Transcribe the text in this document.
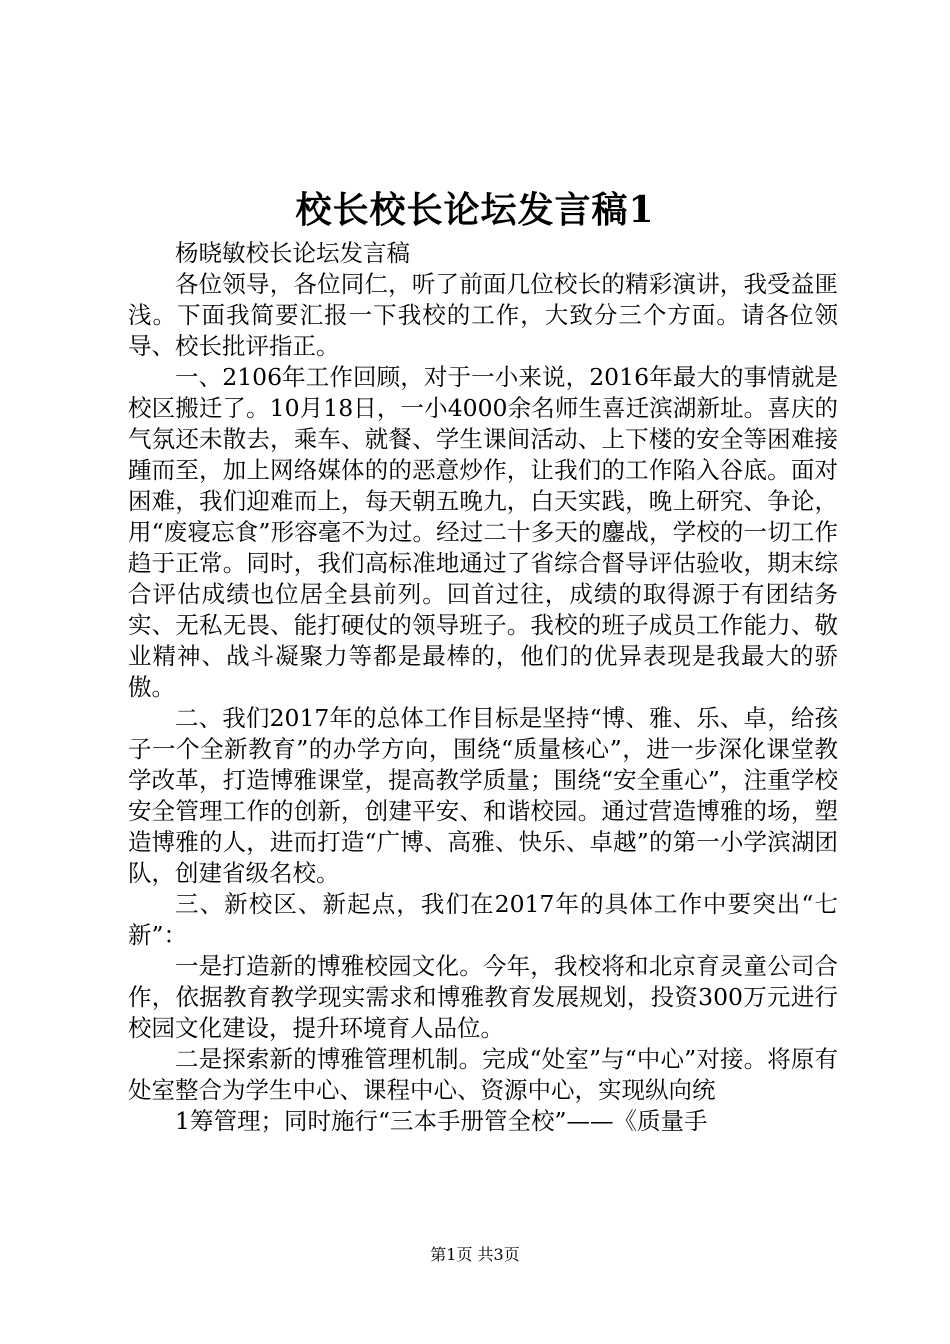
校长校长论坛发言稿1

杨晓敏校长论坛发言稿

各位领导，各位同仁，听了前面几位校长的精彩演讲，我受益匪浅。下面我简要汇报一下我校的工作，大致分三个方面。请各位领导、校长批评指正。

一、2106年工作回顾，对于一小来说，2016年最大的事情就是校区搬迁了。10月18日，一小4000余名师生喜迁滨湖新址。喜庆的气氛还未散去，乘车、就餐、学生课间活动、上下楼的安全等困难接踵而至，加上网络媒体的的恶意炒作，让我们的工作陷入谷底。面对困难，我们迎难而上，每天朝五晚九，白天实践，晚上研究、争论，用“废寝忘食”形容毫不为过。经过二十多天的鏖战，学校的一切工作趋于正常。同时，我们高标准地通过了省综合督导评估验收，期末综合评估成绩也位居全县前列。回首过往，成绩的取得源于有团结务实、无私无畏、能打硬仗的领导班子。我校的班子成员工作能力、敬业精神、战斗凝聚力等都是最棒的，他们的优异表现是我最大的骄傲。

二、我们2017年的总体工作目标是坚持“博、雅、乐、卓，给孩子一个全新教育”的办学方向，围绕“质量核心”，进一步深化课堂教学改革，打造博雅课堂，提高教学质量；围绕“安全重心”，注重学校安全管理工作的创新，创建平安、和谐校园。通过营造博雅的场，塑造博雅的人，进而打造“广博、高雅、快乐、卓越”的第一小学滨湖团队，创建省级名校。

三、新校区、新起点，我们在2017年的具体工作中要突出“七新”：

一是打造新的博雅校园文化。今年，我校将和北京育灵童公司合作，依据教育教学现实需求和博雅教育发展规划，投资300万元进行校园文化建设，提升环境育人品位。

二是探索新的博雅管理机制。完成“处室”与“中心”对接。将原有处室整合为学生中心、课程中心、资源中心，实现纵向统

1筹管理；同时施行“三本手册管全校”——《质量手

第1页 共3页
